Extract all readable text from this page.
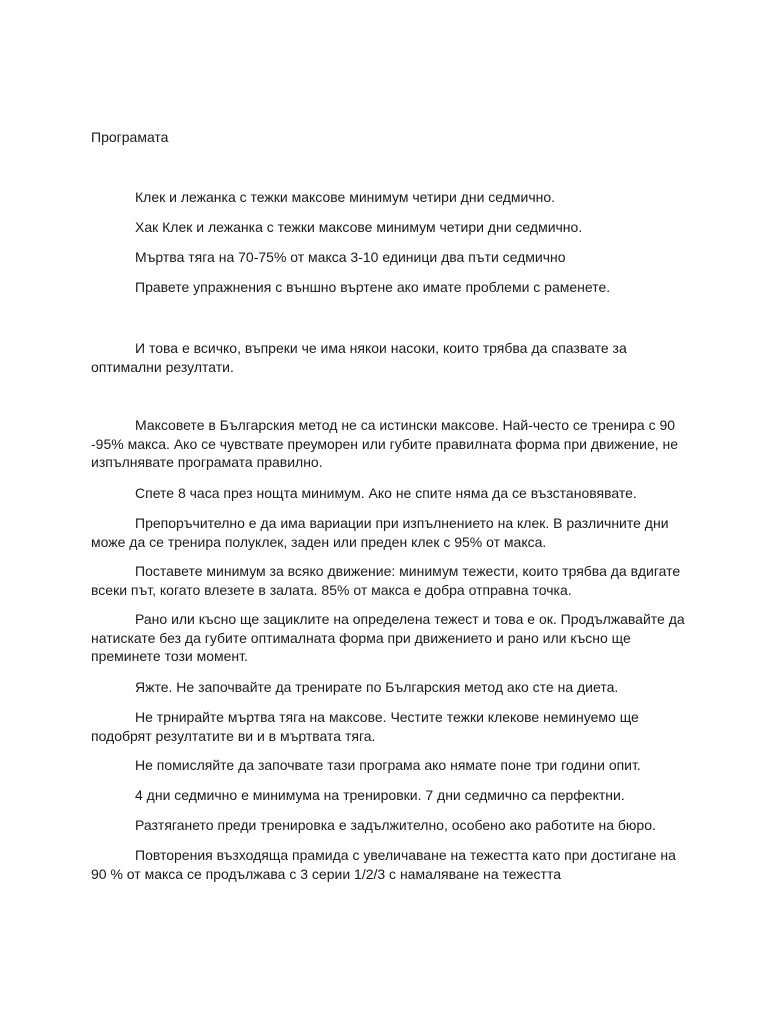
Програмата

Клек и лежанка с тежки максове минимум четири дни седмично.

Хак Клек и лежанка с тежки максове минимум четири дни седмично.

Мъртва тяга на 70-75% от макса 3-10 единици два пъти седмично

Правете упражнения с външно въртене ако имате проблеми с раменете.

И това е всичко, въпреки че има някои насоки, които трябва да спазвате за оптимални резултати.

Максовете в Българския метод не са истински максове. Най-често се тренира с 90 -95% макса. Ако се чувствате преуморен или губите правилната форма при движение, не изпълнявате програмата правилно.

Спете 8 часа през нощта минимум. Ако не спите няма да се възстановявате.

Препоръчително е да има вариации при изпълнението на клек. В различните дни може да се тренира полуклек, заден или преден клек с 95% от макса.

Поставете минимум за всяко движение: минимум тежести, които трябва да вдигате всеки път, когато влезете в залата. 85% от макса е добра отправна точка.

Рано или късно ще зациклите на определена тежест и това е ок. Продължавайте да натискате без да губите оптималната форма при движението и рано или късно ще преминете този момент.

Яжте. Не започвайте да тренирате по Българския метод ако сте на диета.

Не трнирайте мъртва тяга на максове. Честите тежки клекове неминуемо ще подобрят резултатите ви и в мъртвата тяга.

Не помисляйте да започвате тази програма ако нямате поне три години опит.

4 дни седмично е минимума на тренировки. 7 дни седмично са перфектни.

Разтягането преди тренировка е задължително, особено ако работите на бюро.

Повторения възходяща прамида с увеличаване на тежестта като при достигане на 90 % от макса се продължава с 3 серии 1/2/3 с намаляване на тежестта
